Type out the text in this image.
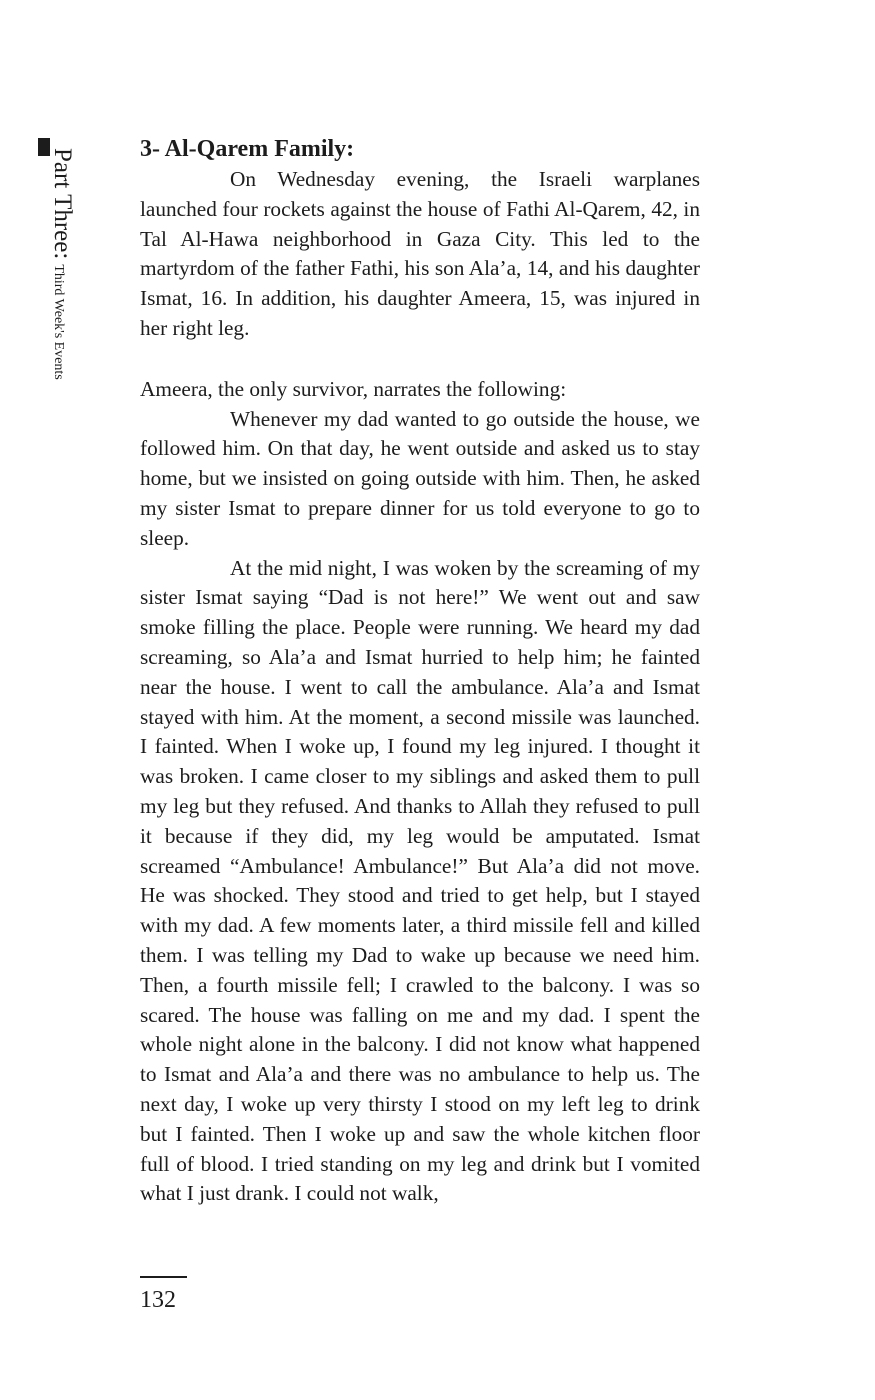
Part Three:Third Week's Events
3- Al-Qarem Family:

On Wednesday evening, the Israeli warplanes launched four rockets against the house of Fathi Al-Qarem, 42, in Tal Al-Hawa neighborhood in Gaza City. This led to the martyrdom of the father Fathi, his son Ala’a, 14, and his daughter Ismat, 16. In addition, his daughter Ameera, 15, was injured in her right leg.

Ameera, the only survivor, narrates the following:

Whenever my dad wanted to go outside the house, we followed him. On that day, he went outside and asked us to stay home, but we insisted on going outside with him. Then, he asked my sister Ismat to prepare dinner for us told everyone to go to sleep.

At the mid night, I was woken by the screaming of my sister Ismat saying “Dad is not here!” We went out and saw smoke filling the place. People were running. We heard my dad screaming, so Ala’a and Ismat hurried to help him; he fainted near the house. I went to call the ambulance. Ala’a and Ismat stayed with him. At the moment, a second missile was launched. I fainted. When I woke up, I found my leg injured. I thought it was broken. I came closer to my siblings and asked them to pull my leg but they refused. And thanks to Allah they refused to pull it because if they did, my leg would be amputated. Ismat screamed “Ambulance! Ambulance!” But Ala’a did not move. He was shocked. They stood and tried to get help, but I stayed with my dad. A few moments later, a third missile fell and killed them. I was telling my Dad to wake up because we need him. Then, a fourth missile fell; I crawled to the balcony. I was so scared. The house was falling on me and my dad. I spent the whole night alone in the balcony. I did not know what happened to Ismat and Ala’a and there was no ambulance to help us. The next day, I woke up very thirsty I stood on my left leg to drink but I fainted. Then I woke up and saw the whole kitchen floor full of blood. I tried standing on my leg and drink but I vomited what I just drank. I could not walk,

132
